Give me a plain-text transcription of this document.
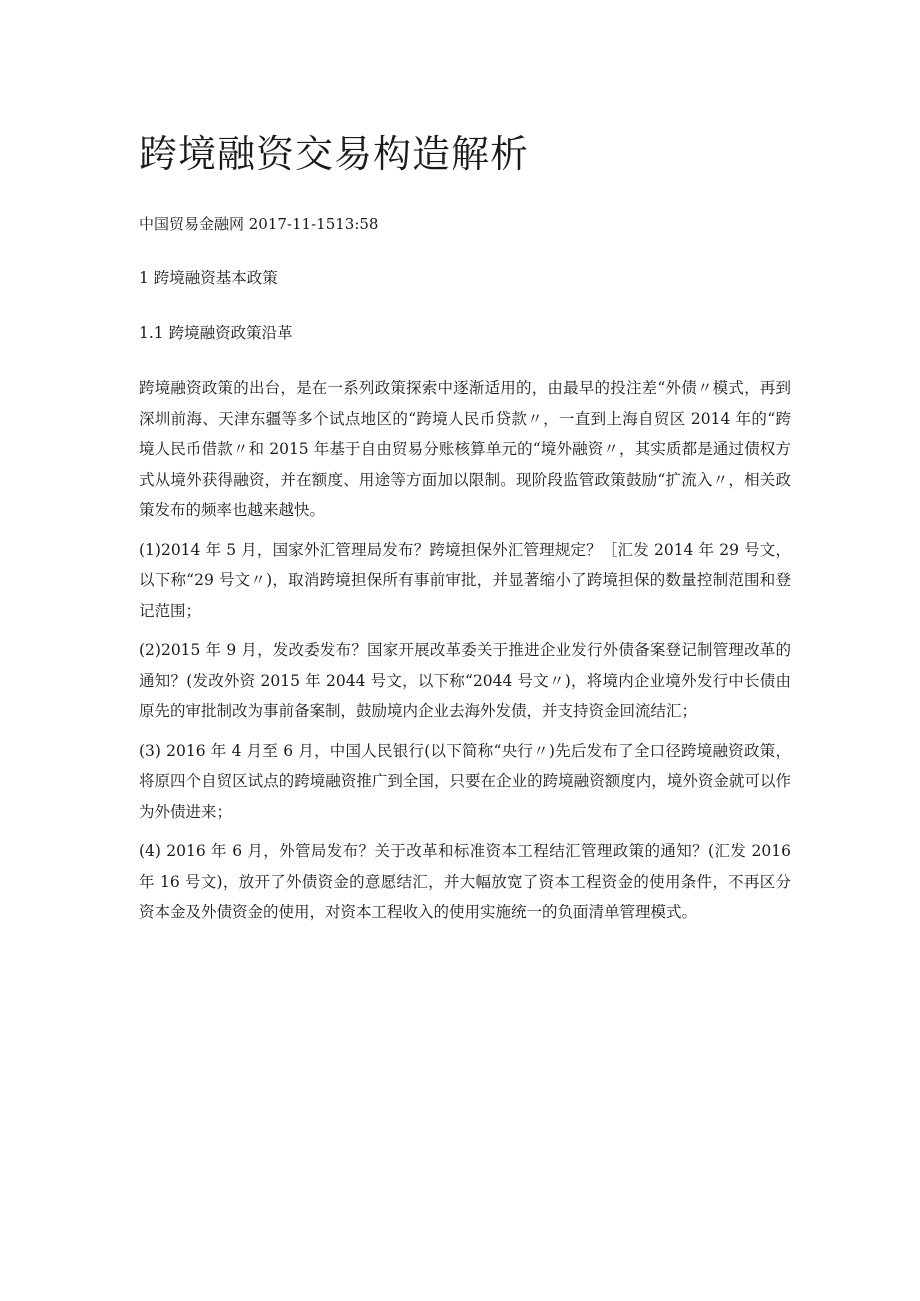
跨境融资交易构造解析
中国贸易金融网 2017-11-1513:58
1 跨境融资基本政策
1.1 跨境融资政策沿革

跨境融资政策的出台，是在一系列政策探索中逐渐适用的，由最早的投注差“外债〃模式，再到深圳前海、天津东疆等多个试点地区的“跨境人民币贷款〃，一直到上海自贸区 2014 年的“跨境人民币借款〃和 2015 年基于自由贸易分账核算单元的“境外融资〃，其实质都是通过债权方式从境外获得融资，并在额度、用途等方面加以限制。现阶段监管政策鼓励“扩流入〃，相关政策发布的频率也越来越快。

(1)2014 年 5 月，国家外汇管理局发布？跨境担保外汇管理规定？［汇发 2014 年 29 号文，以下称“29 号文〃)，取消跨境担保所有事前审批，并显著缩小了跨境担保的数量控制范围和登记范围；

(2)2015 年 9 月，发改委发布？国家开展改革委关于推进企业发行外债备案登记制管理改革的通知？(发改外资 2015 年 2044 号文，以下称“2044 号文〃)，将境内企业境外发行中长债由原先的审批制改为事前备案制，鼓励境内企业去海外发债，并支持资金回流结汇；

(3) 2016 年 4 月至 6 月，中国人民银行(以下简称“央行〃)先后发布了全口径跨境融资政策，将原四个自贸区试点的跨境融资推广到全国，只要在企业的跨境融资额度内，境外资金就可以作为外债进来；

(4) 2016 年 6 月，外管局发布？关于改革和标准资本工程结汇管理政策的通知？(汇发 2016 年 16 号文)，放开了外债资金的意愿结汇，并大幅放宽了资本工程资金的使用条件，不再区分资本金及外债资金的使用，对资本工程收入的使用实施统一的负面清单管理模式。
